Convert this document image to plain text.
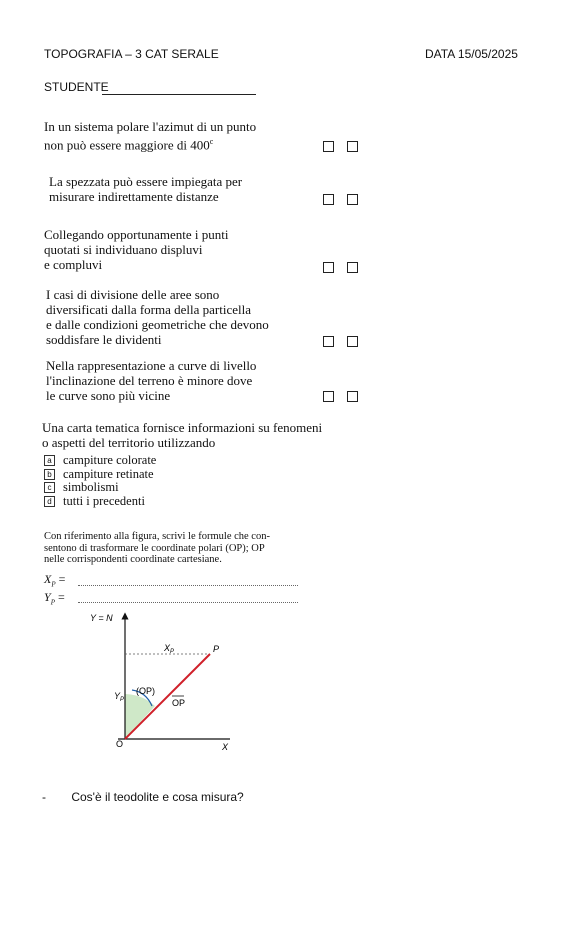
TOPOGRAFIA – 3 CAT SERALE	DATA 15/05/2025
STUDENTE
In un sistema polare l'azimut di un punto
non può essere maggiore di 400$^c$
La spezzata può essere impiegata per
misurare indirettamente distanze
Collegando opportunamente i punti
quotati si individuano displuvi
e compluvi
I casi di divisione delle aree sono
diversificati dalla forma della particella
e dalle condizioni geometriche che devono
soddisfare le dividenti
Nella rappresentazione a curve di livello
l'inclinazione del terreno è minore dove
le curve sono più vicine
Una carta tematica fornisce informazioni su fenomeni
o aspetti del territorio utilizzando
a campiture colorate
b campiture retinate
c simbolismi
d tutti i precedenti
Con riferimento alla figura, scrivi le formule che con-
sentono di trasformare le coordinate polari (OP); OP
nelle corrispondenti coordinate cartesiane.
$X_P$ =
$Y_P$ =
Y = N
X
O
P
$X_P$
$Y_P$
(OP)
OP
- Cos'è il teodolite e cosa misura?
